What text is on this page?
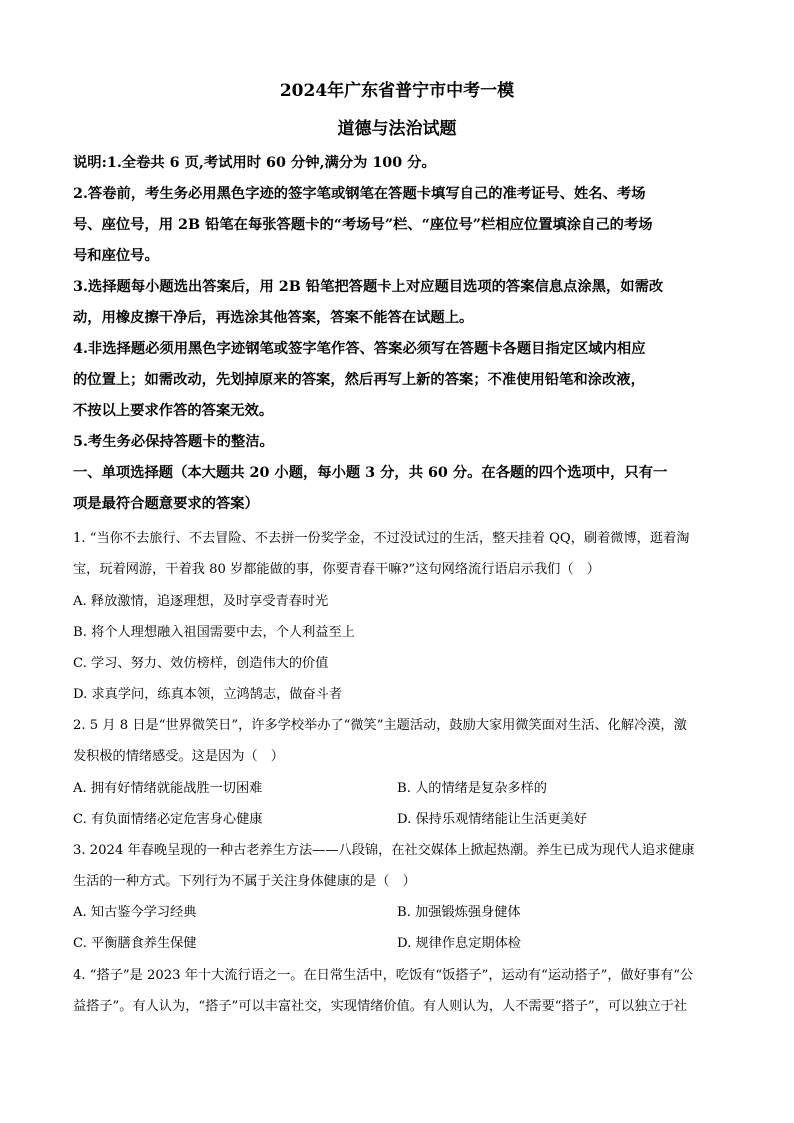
2024年广东省普宁市中考一模
道德与法治试题
说明:1.全卷共 6 页,考试用时 60 分钟,满分为 100 分。
2.答卷前，考生务必用黑色字迹的签字笔或钢笔在答题卡填写自己的准考证号、姓名、考场
号、座位号，用 2B 铅笔在每张答题卡的“考场号”栏、“座位号”栏相应位置填涂自己的考场
号和座位号。
3.选择题每小题选出答案后，用 2B 铅笔把答题卡上对应题目选项的答案信息点涂黑，如需改
动，用橡皮擦干净后，再选涂其他答案，答案不能答在试题上。
4.非选择题必须用黑色字迹钢笔或签字笔作答、答案必须写在答题卡各题目指定区域内相应
的位置上；如需改动，先划掉原来的答案，然后再写上新的答案；不准使用铅笔和涂改液，
不按以上要求作答的答案无效。
5.考生务必保持答题卡的整洁。
一、单项选择题（本大题共 20 小题，每小题 3 分，共 60 分。在各题的四个选项中，只有一
项是最符合题意要求的答案）
1. “当你不去旅行、不去冒险、不去拼一份奖学金，不过没试过的生活，整天挂着 QQ，刷着微博，逛着淘
宝，玩着网游，干着我 80 岁都能做的事，你要青春干嘛?”这句网络流行语启示我们（　）
A. 释放激情，追逐理想，及时享受青春时光
B. 将个人理想融入祖国需要中去，个人利益至上
C. 学习、努力、效仿榜样，创造伟大的价值
D. 求真学问，练真本领，立鸿鹄志，做奋斗者
2. 5 月 8 日是“世界微笑日”，许多学校举办了“微笑”主题活动，鼓励大家用微笑面对生活、化解冷漠，激
发积极的情绪感受。这是因为（　）
A. 拥有好情绪就能战胜一切困难	B. 人的情绪是复杂多样的
C. 有负面情绪必定危害身心健康	D. 保持乐观情绪能让生活更美好
3. 2024 年春晚呈现的一种古老养生方法——八段锦，在社交媒体上掀起热潮。养生已成为现代人追求健康
生活的一种方式。下列行为不属于关注身体健康的是（　）
A. 知古鉴今学习经典	B. 加强锻炼强身健体
C. 平衡膳食养生保健	D. 规律作息定期体检
4. “搭子”是 2023 年十大流行语之一。在日常生活中，吃饭有“饭搭子”，运动有“运动搭子”，做好事有“公
益搭子”。有人认为，“搭子”可以丰富社交，实现情绪价值。有人则认为，人不需要“搭子”，可以独立于社
